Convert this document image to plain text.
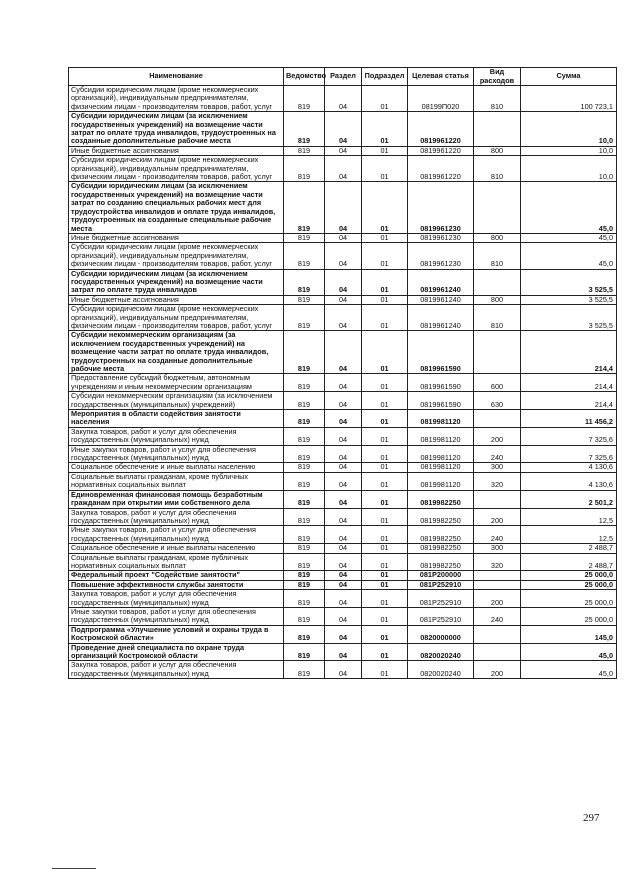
Наименование	Ведомство	Раздел	Подраздел	Целевая статья	Вид расходов	Сумма
Субсидии юридическим лицам (кроме некоммерческих организаций), индивидуальным предпринимателям, физическим лицам - производителям товаров, работ, услуг	819	04	01	08199П020	810	100 723,1
Субсидии юридическим лицам (за исключением государственных учреждений) на возмещение части затрат по оплате труда инвалидов, трудоустроенных на созданные дополнительные рабочие места	819	04	01	0819961220		10,0
Иные бюджетные ассигнования	819	04	01	0819961220	800	10,0
Субсидии юридическим лицам (кроме некоммерческих организаций), индивидуальным предпринимателям, физическим лицам - производителям товаров, работ, услуг	819	04	01	0819961220	810	10,0
Субсидии юридическим лицам (за исключением государственных учреждений) на возмещение части затрат по созданию специальных рабочих мест для трудоустройства инвалидов и оплате труда инвалидов, трудоустроенных на созданные специальные рабочие места	819	04	01	0819961230		45,0
Иные бюджетные ассигнования	819	04	01	0819961230	800	45,0
Субсидии юридическим лицам (кроме некоммерческих организаций), индивидуальным предпринимателям, физическим лицам - производителям товаров, работ, услуг	819	04	01	0819961230	810	45,0
Субсидии юридическим лицам (за исключением государственных учреждений) на возмещение части затрат по оплате труда инвалидов	819	04	01	0819961240		3 525,5
Иные бюджетные ассигнования	819	04	01	0819961240	800	3 525,5
Субсидии юридическим лицам (кроме некоммерческих организаций), индивидуальным предпринимателям, физическим лицам - производителям товаров, работ, услуг	819	04	01	0819961240	810	3 525,5
Субсидии некоммерческим организациям (за исключением государственных учреждений) на возмещение части затрат по оплате труда инвалидов, трудоустроенных на созданные дополнительные рабочие места	819	04	01	0819961590		214,4
Предоставление субсидий бюджетным, автономным учреждениям и иным некоммерческим организациям	819	04	01	0819961590	600	214,4
Субсидии некоммерческим организациям (за исключением государственных (муниципальных) учреждений)	819	04	01	0819961590	630	214,4
Мероприятия в области содействия занятости населения	819	04	01	0819981120		11 456,2
Закупка товаров, работ и услуг для обеспечения государственных (муниципальных) нужд	819	04	01	0819981120	200	7 325,6
Иные закупки товаров, работ и услуг для обеспечения государственных (муниципальных) нужд	819	04	01	0819981120	240	7 325,6
Социальное обеспечение и иные выплаты населению	819	04	01	0819981120	300	4 130,6
Социальные выплаты гражданам, кроме публичных нормативных социальных выплат	819	04	01	0819981120	320	4 130,6
Единовременная финансовая помощь безработным гражданам при открытии ими собственного дела	819	04	01	0819982250		2 501,2
Закупка товаров, работ и услуг для обеспечения государственных (муниципальных) нужд	819	04	01	0819982250	200	12,5
Иные закупки товаров, работ и услуг для обеспечения государственных (муниципальных) нужд	819	04	01	0819982250	240	12,5
Социальное обеспечение и иные выплаты населению	819	04	01	0819982250	300	2 488,7
Социальные выплаты гражданам, кроме публичных нормативных социальных выплат	819	04	01	0819982250	320	2 488,7
Федеральный проект "Содействие занятости"	819	04	01	081P200000		25 000,0
Повышение эффективности службы занятости	819	04	01	081P252910		25 000,0
Закупка товаров, работ и услуг для обеспечения государственных (муниципальных) нужд	819	04	01	081P252910	200	25 000,0
Иные закупки товаров, работ и услуг для обеспечения государственных (муниципальных) нужд	819	04	01	081P252910	240	25 000,0
Подпрограмма «Улучшение условий и охраны труда в Костромской области»	819	04	01	0820000000		145,0
Проведение дней специалиста по охране труда организаций Костромской области	819	04	01	0820020240		45,0
Закупка товаров, работ и услуг для обеспечения государственных (муниципальных) нужд	819	04	01	0820020240	200	45,0
297
